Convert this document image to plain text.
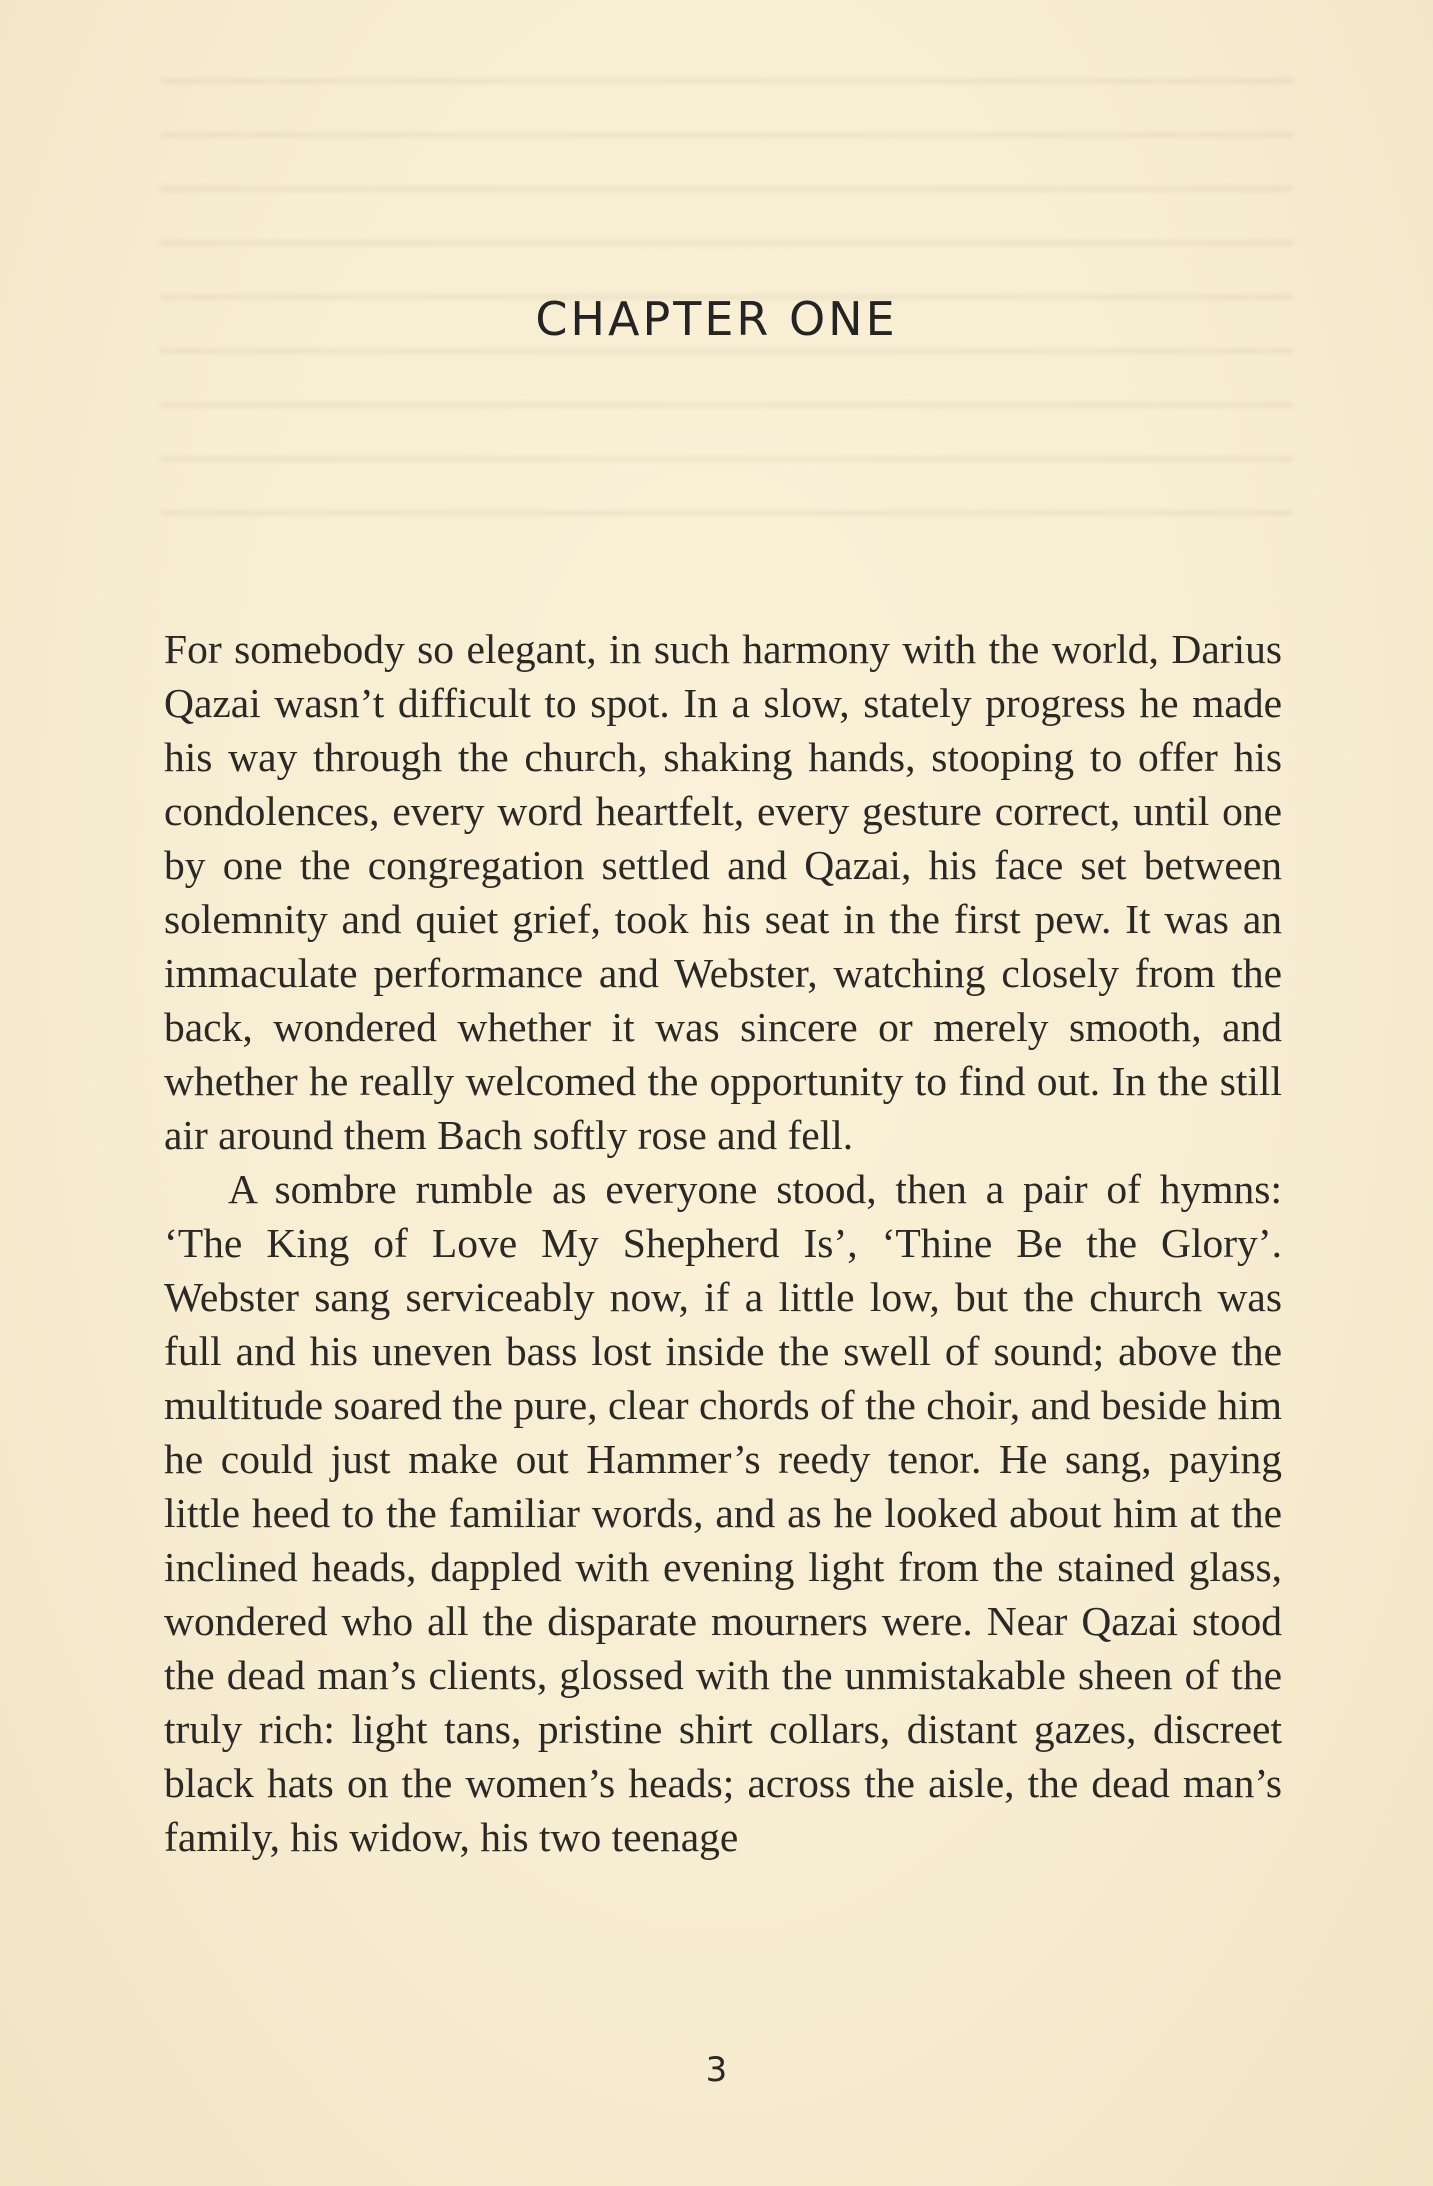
CHAPTER ONE

For somebody so elegant, in such harmony with the world, Darius Qazai wasn’t difficult to spot. In a slow, stately progress he made his way through the church, shaking hands, stooping to offer his condolences, every word heartfelt, every gesture correct, until one by one the congregation settled and Qazai, his face set between solemnity and quiet grief, took his seat in the first pew. It was an immaculate performance and Webster, watching closely from the back, wondered whether it was sincere or merely smooth, and whether he really welcomed the opportunity to find out. In the still air around them Bach softly rose and fell.

A sombre rumble as everyone stood, then a pair of hymns: ‘The King of Love My Shepherd Is’, ‘Thine Be the Glory’. Webster sang serviceably now, if a little low, but the church was full and his uneven bass lost inside the swell of sound; above the multitude soared the pure, clear chords of the choir, and beside him he could just make out Hammer’s reedy tenor. He sang, paying little heed to the familiar words, and as he looked about him at the inclined heads, dappled with evening light from the stained glass, wondered who all the disparate mourners were. Near Qazai stood the dead man’s clients, glossed with the unmistakable sheen of the truly rich: light tans, pristine shirt collars, distant gazes, discreet black hats on the women’s heads; across the aisle, the dead man’s family, his widow, his two teenage

3
